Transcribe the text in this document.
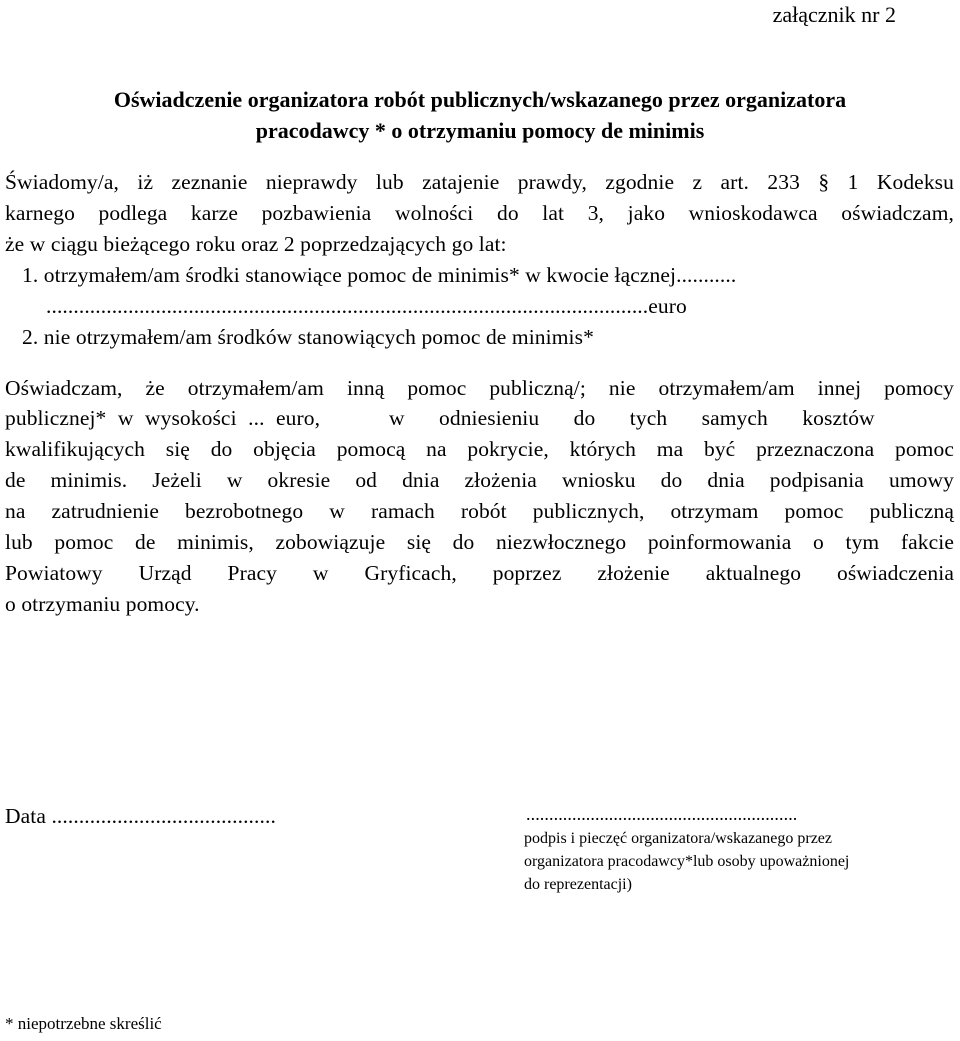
załącznik nr 2
Oświadczenie organizatora robót publicznych/wskazanego przez organizatora
pracodawcy * o otrzymaniu pomocy de minimis
Świadomy/a, iż zeznanie nieprawdy lub zatajenie prawdy, zgodnie z art. 233 § 1 Kodeksu
karnego podlega karze pozbawienia wolności do lat 3, jako wnioskodawca oświadczam,
że w ciągu bieżącego roku oraz 2 poprzedzających go lat:
1. otrzymałem/am środki stanowiące pomoc de minimis* w kwocie łącznej...........
..............................................................................................................euro
2. nie otrzymałem/am środków stanowiących pomoc de minimis*
Oświadczam, że otrzymałem/am inną pomoc publiczną/; nie otrzymałem/am innej pomocy
publicznej* w wysokości ... euro,      w   odniesieniu   do   tych   samych   kosztów
kwalifikujących się do objęcia pomocą na pokrycie, których ma być przeznaczona pomoc
de minimis. Jeżeli w okresie od dnia złożenia wniosku do dnia podpisania umowy
na zatrudnienie bezrobotnego w ramach robót publicznych, otrzymam pomoc publiczną
lub pomoc de minimis, zobowiązuje się do niezwłocznego poinformowania o tym fakcie
Powiatowy Urząd Pracy w Gryficach, poprzez złożenie aktualnego oświadczenia
o otrzymaniu pomocy.
Data .........................................	...........................................................
podpis i pieczęć organizatora/wskazanego przez
organizatora pracodawcy*lub osoby upoważnionej
do reprezentacji)
* niepotrzebne skreślić
